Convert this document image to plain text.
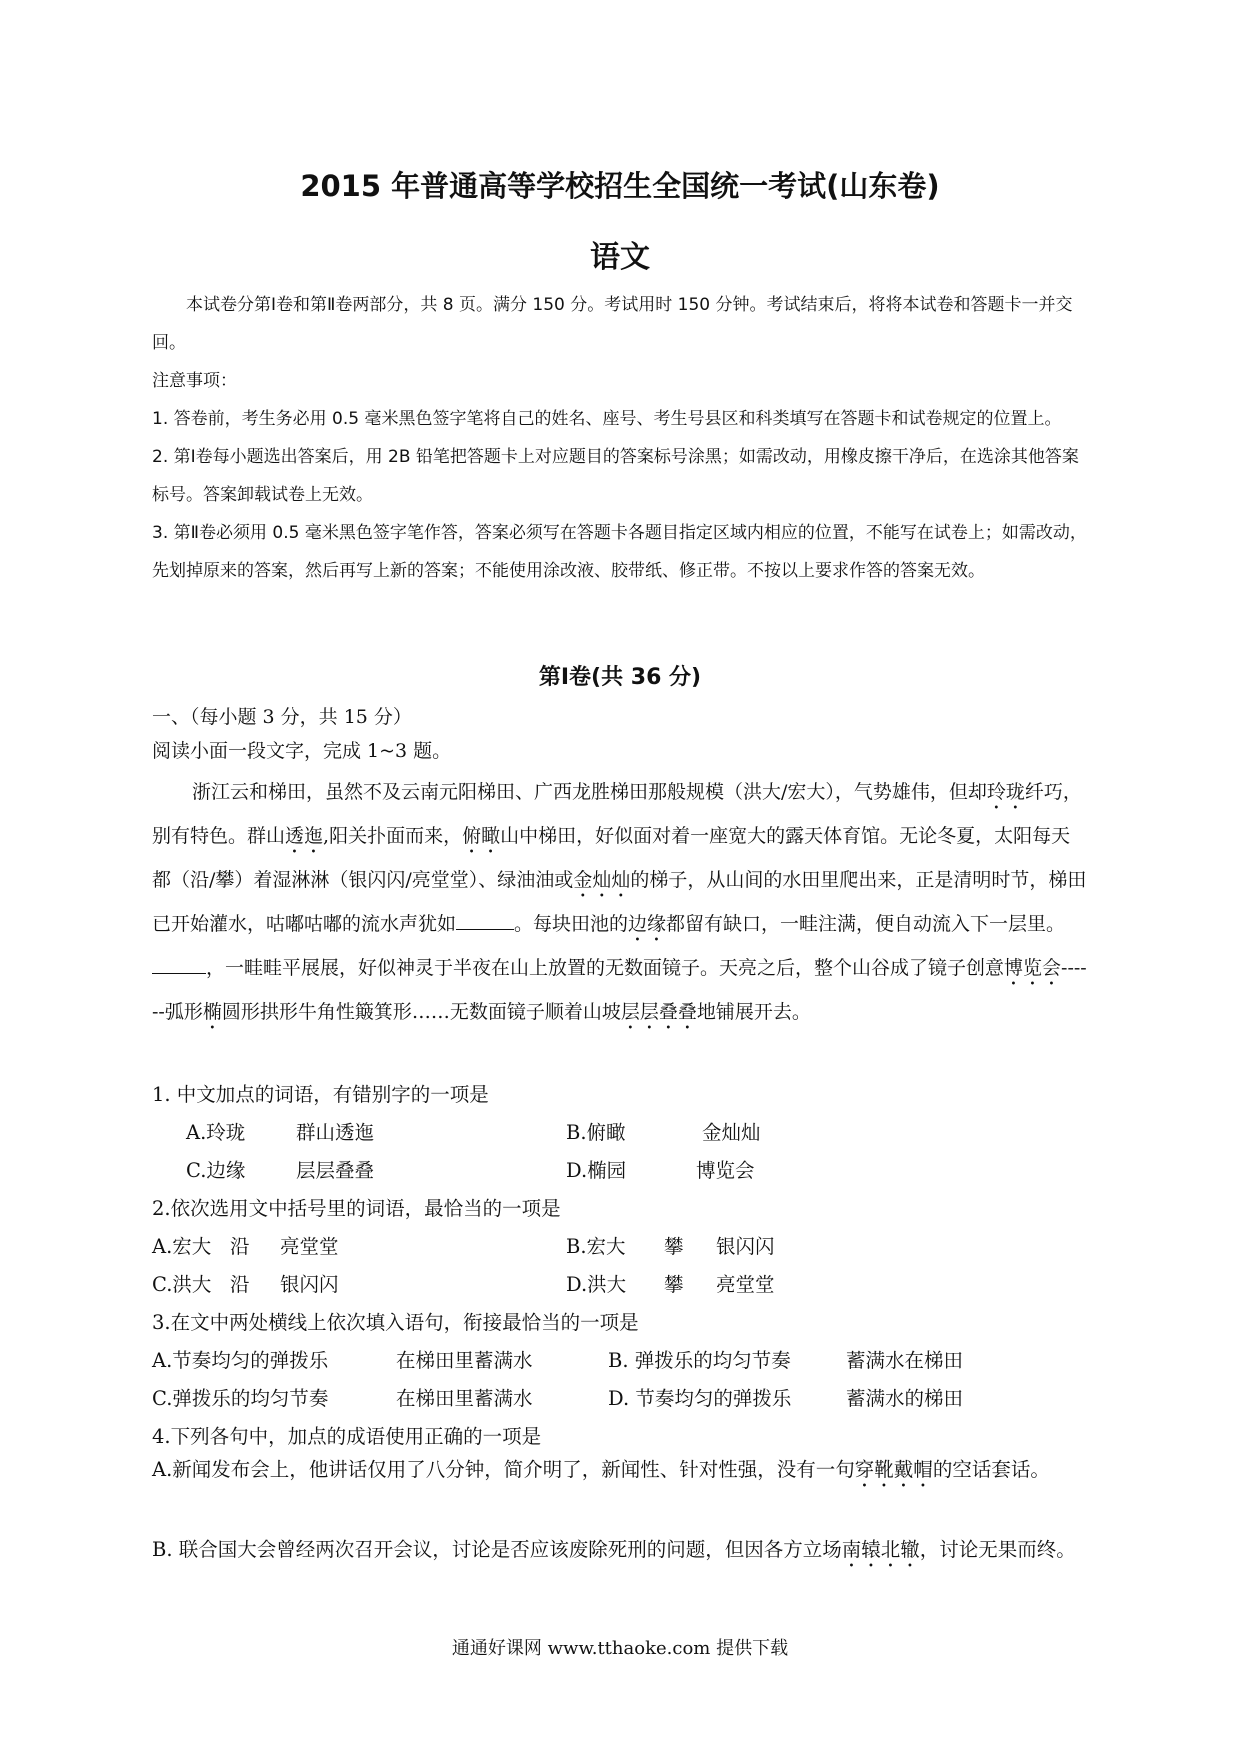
2015 年普通高等学校招生全国统一考试(山东卷)
语文

本试卷分第Ⅰ卷和第Ⅱ卷两部分，共 8 页。满分 150 分。考试用时 150 分钟。考试结束后，将将本试卷和答题卡一并交回。

注意事项：

1. 答卷前，考生务必用 0.5 毫米黑色签字笔将自己的姓名、座号、考生号县区和科类填写在答题卡和试卷规定的位置上。

2. 第Ⅰ卷每小题选出答案后，用 2B 铅笔把答题卡上对应题目的答案标号涂黑；如需改动，用橡皮擦干净后，在选涂其他答案标号。答案卸载试卷上无效。

3. 第Ⅱ卷必须用 0.5 毫米黑色签字笔作答，答案必须写在答题卡各题目指定区域内相应的位置，不能写在试卷上；如需改动，先划掉原来的答案，然后再写上新的答案；不能使用涂改液、胶带纸、修正带。不按以上要求作答的答案无效。

第Ⅰ卷(共 36 分)

一、（每小题 3 分，共 15 分）

阅读小面一段文字，完成 1~3 题。

浙江云和梯田，虽然不及云南元阳梯田、广西龙胜梯田那般规模（洪大/宏大），气势雄伟，但却玲珑纤巧，别有特色。群山透迤,阳关扑面而来，俯瞰山中梯田，好似面对着一座宽大的露天体育馆。无论冬夏，太阳每天都（沿/攀）着湿淋淋（银闪闪/亮堂堂）、绿油油或金灿灿的梯子，从山间的水田里爬出来，正是清明时节，梯田已开始灌水，咕嘟咕嘟的流水声犹如	。每块田池的边缘都留有缺口，一畦注满，便自动流入下一层里。，一畦畦平展展，好似神灵于半夜在山上放置的无数面镜子。天亮之后，整个山谷成了镜子创意博览会------弧形椭圆形拱形牛角性簸箕形……无数面镜子顺着山坡层层叠叠地铺展开去。

1. 中文加点的词语，有错别字的一项是
A.玲珑	群山透迤	B.俯瞰	金灿灿
C.边缘	层层叠叠	D.椭园	博览会
2.依次选用文中括号里的词语，最恰当的一项是
A.宏大 沿 亮堂堂	B.宏大 攀 银闪闪
C.洪大 沿 银闪闪	D.洪大 攀 亮堂堂
3.在文中两处横线上依次填入语句，衔接最恰当的一项是
A.节奏均匀的弹拨乐	在梯田里蓄满水	B. 弹拨乐的均匀节奏	蓄满水在梯田
C.弹拨乐的均匀节奏	在梯田里蓄满水	D. 节奏均匀的弹拨乐	蓄满水的梯田
4.下列各句中，加点的成语使用正确的一项是
A.新闻发布会上，他讲话仅用了八分钟，简介明了，新闻性、针对性强，没有一句穿靴戴帽的空话套话。
B. 联合国大会曾经两次召开会议，讨论是否应该废除死刑的问题，但因各方立场南辕北辙，讨论无果而终。
通通好课网 www.tthaoke.com 提供下载
